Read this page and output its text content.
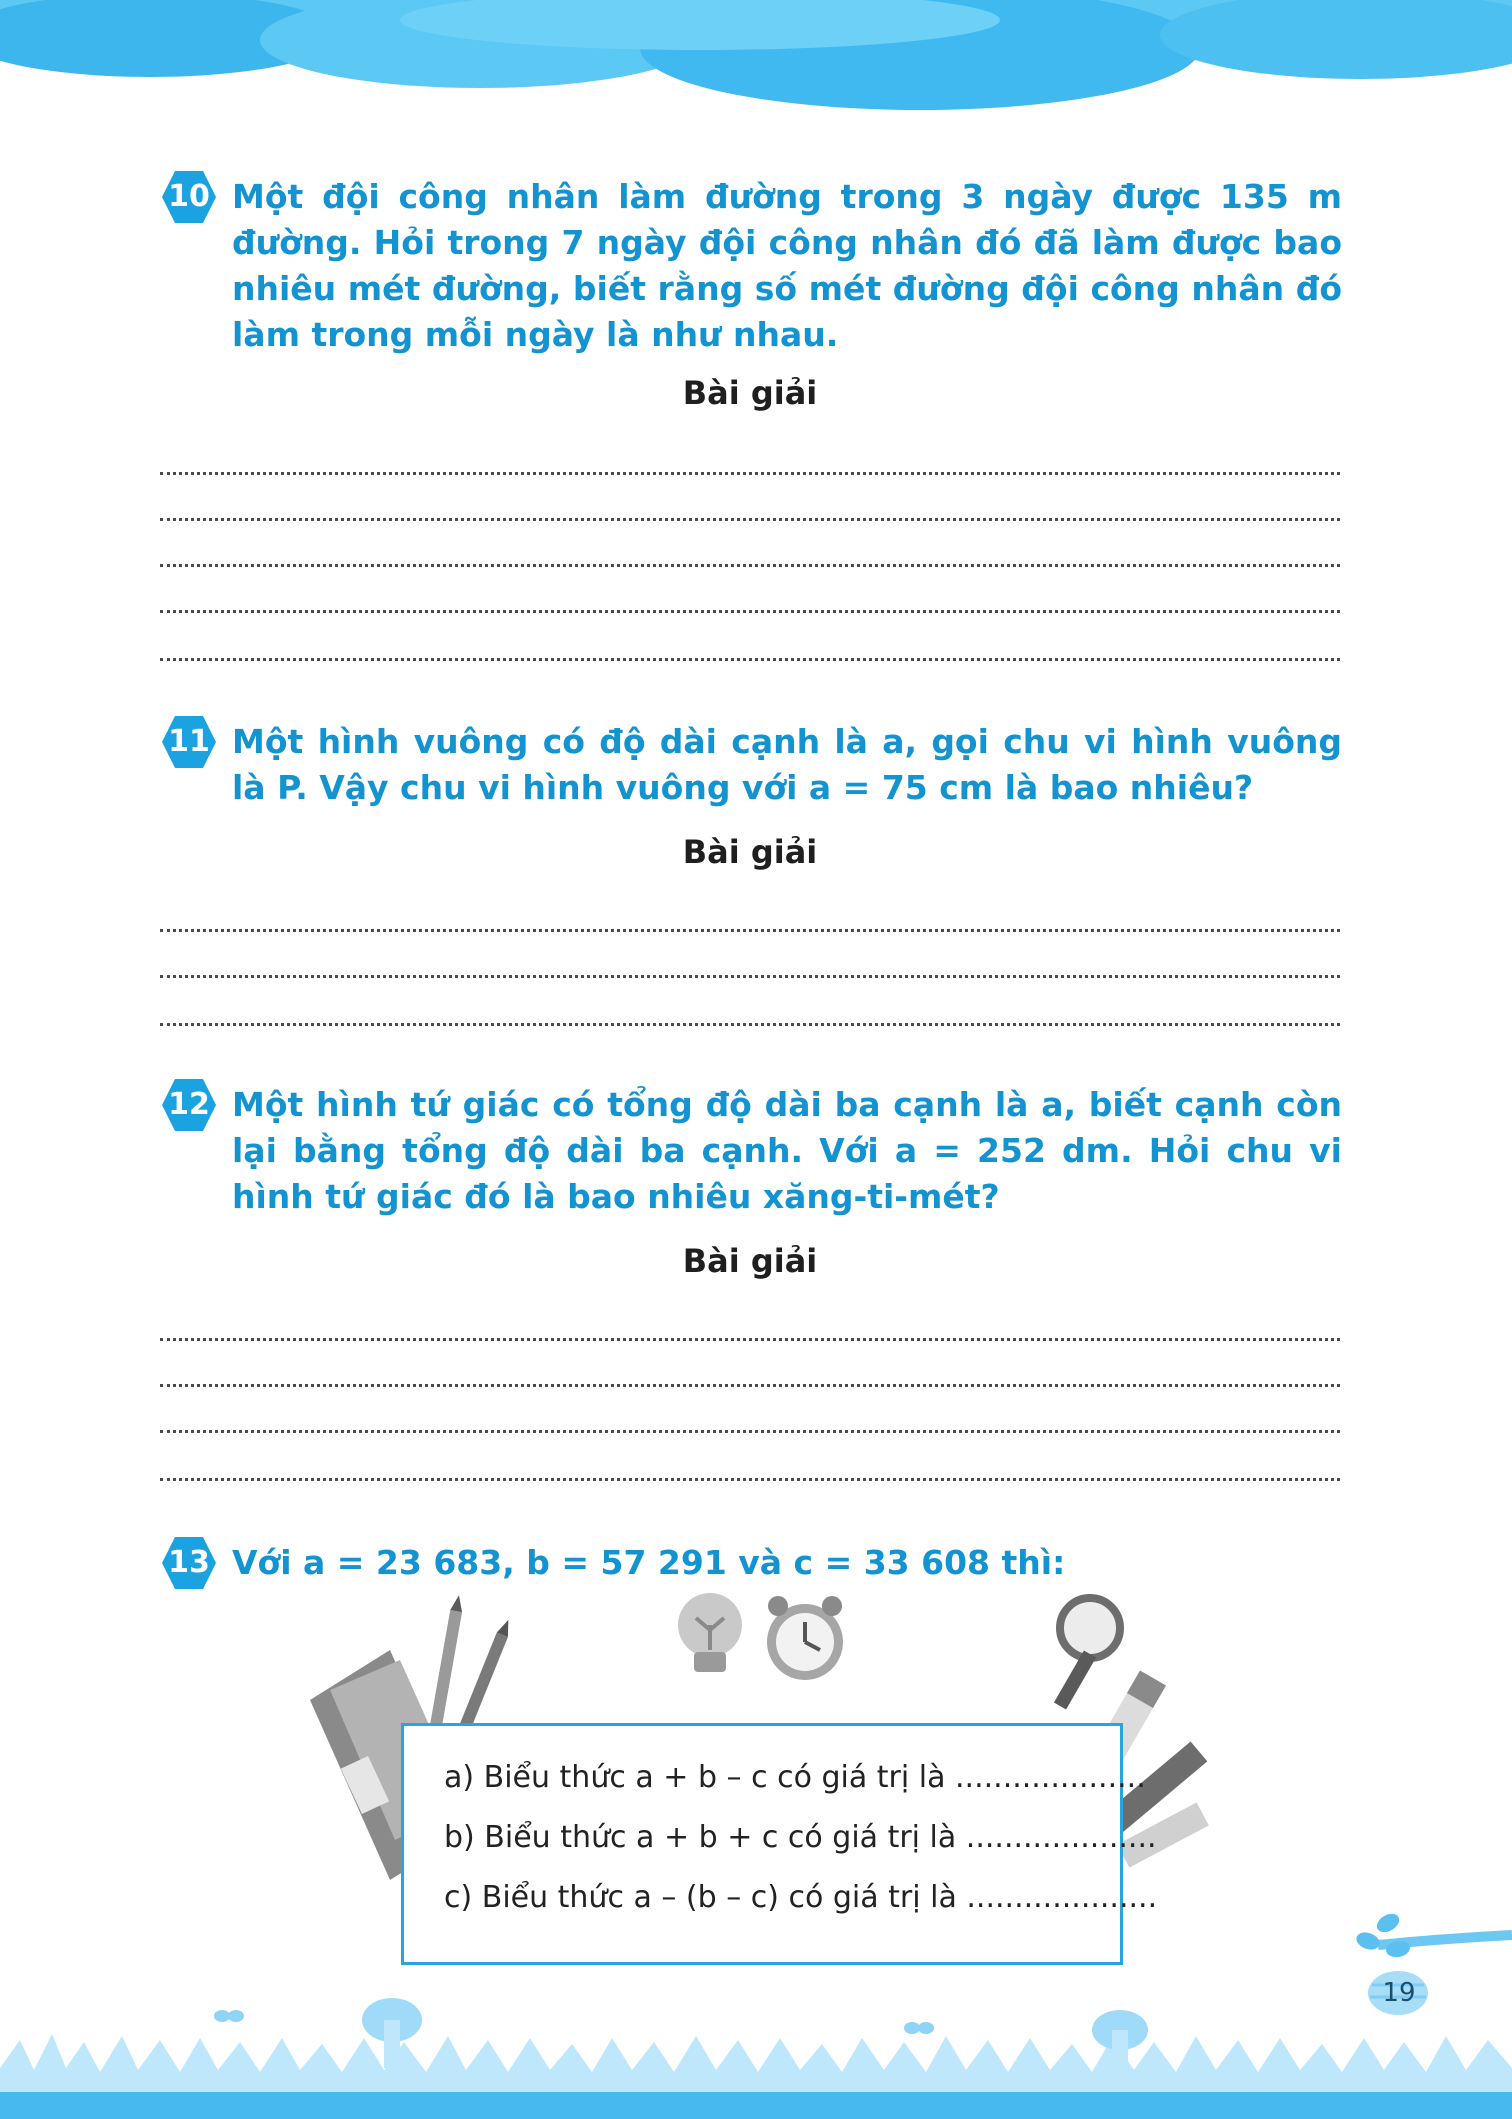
10 Một đội công nhân làm đường trong 3 ngày được 135 m đường. Hỏi trong 7 ngày đội công nhân đó đã làm được bao nhiêu mét đường, biết rằng số mét đường đội công nhân đó làm trong mỗi ngày là như nhau.
Bài giải
11 Một hình vuông có độ dài cạnh là a, gọi chu vi hình vuông là P. Vậy chu vi hình vuông với a = 75 cm là bao nhiêu?
Bài giải
12 Một hình tứ giác có tổng độ dài ba cạnh là a, biết cạnh còn lại bằng tổng độ dài ba cạnh. Với a = 252 dm. Hỏi chu vi hình tứ giác đó là bao nhiêu xăng-ti-mét?
Bài giải
13 Với a = 23 683, b = 57 291 và c = 33 608 thì:
a) Biểu thức a + b – c có giá trị là ....................
b) Biểu thức a + b + c có giá trị là ....................
c) Biểu thức a – (b – c) có giá trị là ....................
19
